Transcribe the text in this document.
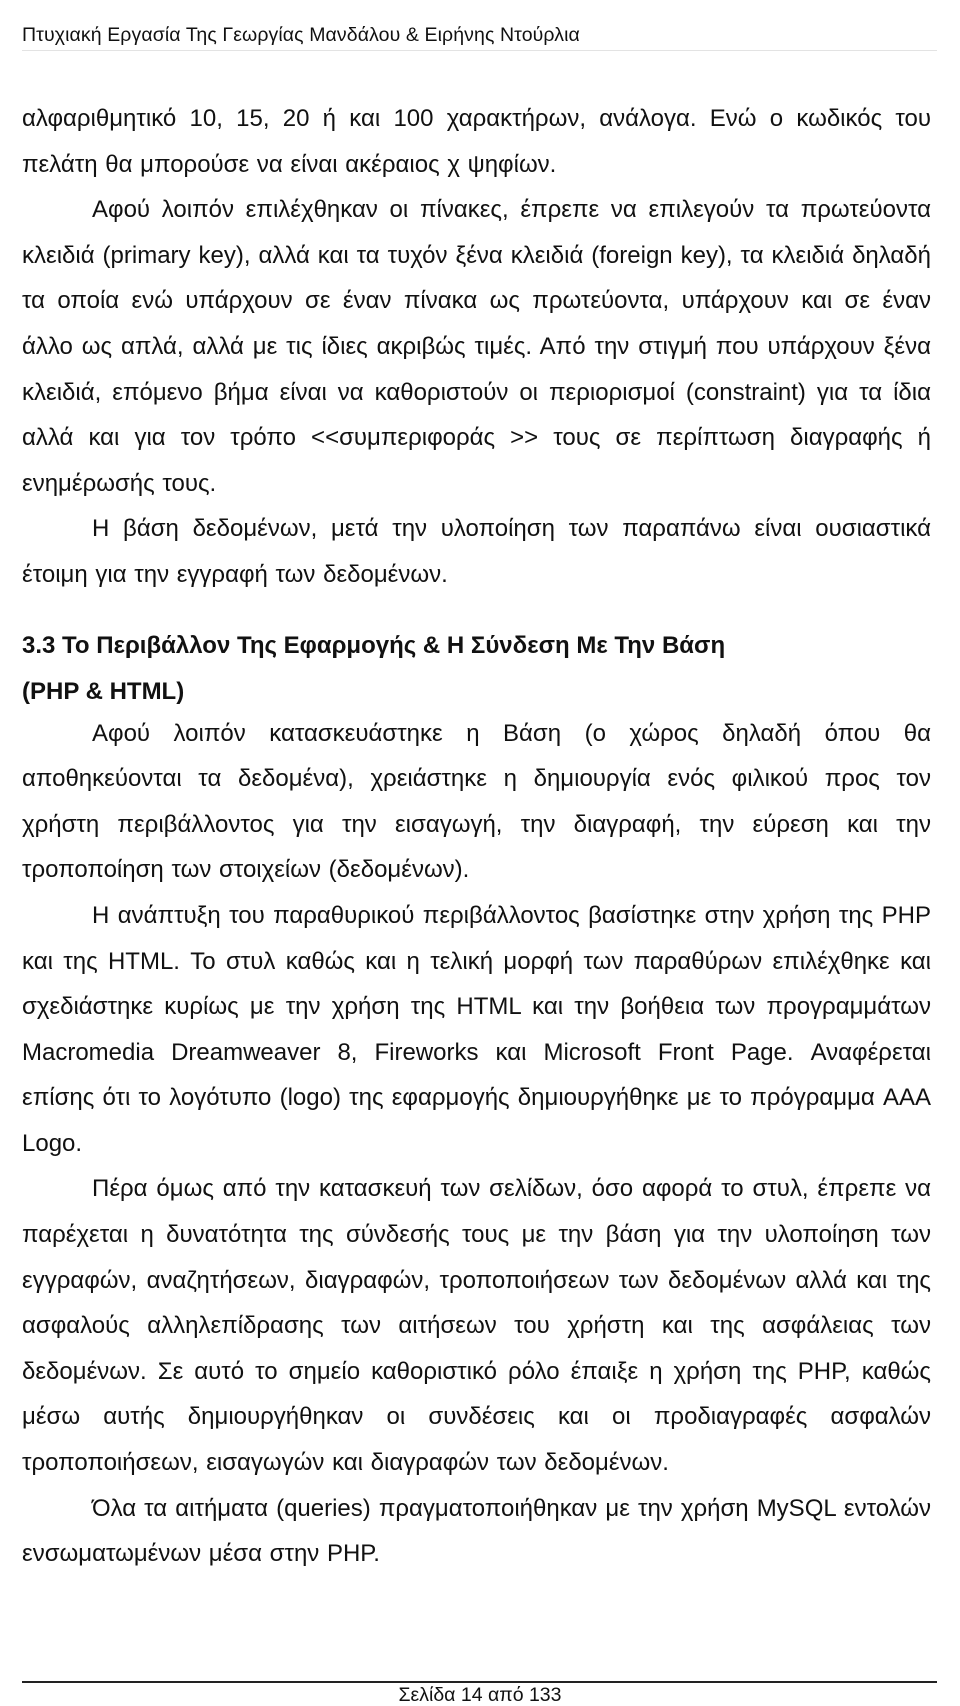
Πτυχιακή Εργασία Της Γεωργίας Μανδάλου & Ειρήνης Ντούρλια

αλφαριθμητικό 10, 15, 20 ή και 100 χαρακτήρων, ανάλογα. Ενώ ο κωδικός του πελάτη θα μπορούσε να είναι ακέραιος χ ψηφίων.

Αφού λοιπόν επιλέχθηκαν οι πίνακες, έπρεπε να επιλεγούν τα πρωτεύοντα κλειδιά (primary key), αλλά και τα τυχόν ξένα κλειδιά (foreign key), τα κλειδιά δηλαδή τα οποία ενώ υπάρχουν σε έναν πίνακα ως πρωτεύοντα, υπάρχουν και σε έναν άλλο ως απλά, αλλά με τις ίδιες ακριβώς τιμές. Από την στιγμή που υπάρχουν ξένα κλειδιά, επόμενο βήμα είναι να καθοριστούν οι περιορισμοί (constraint) για τα ίδια αλλά και για τον τρόπο <<συμπεριφοράς >> τους σε περίπτωση διαγραφής ή ενημέρωσής τους.

Η βάση δεδομένων, μετά την υλοποίηση των παραπάνω είναι ουσιαστικά έτοιμη για την εγγραφή των δεδομένων.

3.3 Το Περιβάλλον Της Εφαρμογής & Η Σύνδεση Με Την Βάση

(PHP & HTML)

Αφού λοιπόν κατασκευάστηκε η Βάση (ο χώρος δηλαδή όπου θα αποθηκεύονται τα δεδομένα), χρειάστηκε η δημιουργία ενός φιλικού προς τον χρήστη περιβάλλοντος για την εισαγωγή, την διαγραφή, την εύρεση και την τροποποίηση των στοιχείων (δεδομένων).

Η ανάπτυξη του παραθυρικού περιβάλλοντος βασίστηκε στην χρήση της PHP και της HTML. Το στυλ καθώς και η τελική μορφή των παραθύρων επιλέχθηκε και σχεδιάστηκε κυρίως με την χρήση της HTML και την βοήθεια των προγραμμάτων Macromedia Dreamweaver 8, Fireworks και Microsoft Front Page. Αναφέρεται επίσης ότι το λογότυπο (logo) της εφαρμογής δημιουργήθηκε με το πρόγραμμα AAA Logo.

Πέρα όμως από την κατασκευή των σελίδων, όσο αφορά το στυλ, έπρεπε να παρέχεται η δυνατότητα της σύνδεσής τους με την βάση για την υλοποίηση των εγγραφών, αναζητήσεων, διαγραφών, τροποποιήσεων των δεδομένων αλλά και της ασφαλούς αλληλεπίδρασης των αιτήσεων του χρήστη και της ασφάλειας των δεδομένων. Σε αυτό το σημείο καθοριστικό ρόλο έπαιξε η χρήση της PHP, καθώς μέσω αυτής δημιουργήθηκαν οι συνδέσεις και οι προδιαγραφές ασφαλών τροποποιήσεων, εισαγωγών και διαγραφών των δεδομένων.

Όλα τα αιτήματα (queries) πραγματοποιήθηκαν με την χρήση MySQL εντολών ενσωματωμένων μέσα στην PHP.

Σελίδα 14 από 133
